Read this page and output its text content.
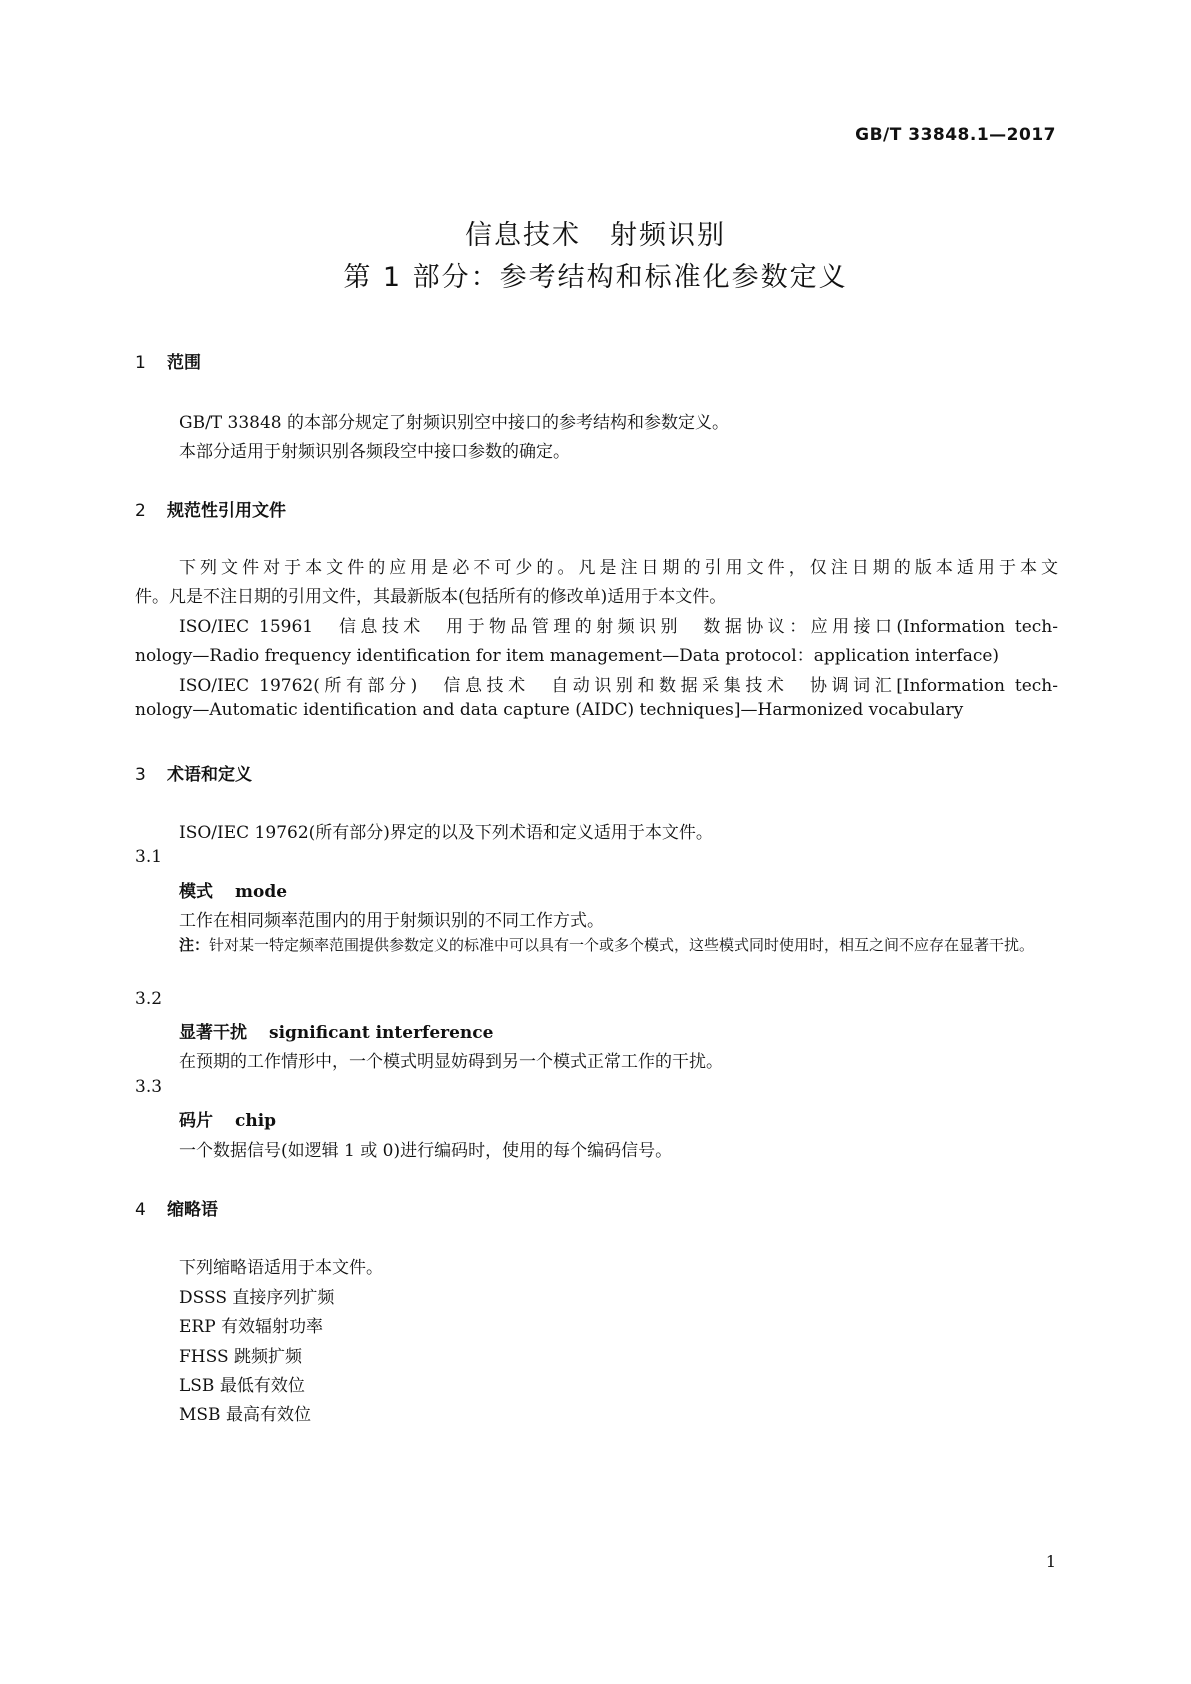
GB/T 33848.1—2017
信息技术　射频识别
第 1 部分：参考结构和标准化参数定义
1 范围
GB/T 33848 的本部分规定了射频识别空中接口的参考结构和参数定义。
本部分适用于射频识别各频段空中接口参数的确定。
2 规范性引用文件
下列文件对于本文件的应用是必不可少的。凡是注日期的引用文件，仅注日期的版本适用于本文
件。凡是不注日期的引用文件，其最新版本(包括所有的修改单)适用于本文件。
ISO/IEC 15961　信息技术　用于物品管理的射频识别　数据协议：应用接口(Information tech-
nology—Radio frequency identification for item management—Data protocol：application interface)
ISO/IEC 19762(所有部分)　信息技术　自动识别和数据采集技术　协调词汇[Information tech-
nology—Automatic identification and data capture (AIDC) techniques]—Harmonized vocabulary
3 术语和定义
ISO/IEC 19762(所有部分)界定的以及下列术语和定义适用于本文件。
3.1
模式 mode
工作在相同频率范围内的用于射频识别的不同工作方式。
注：针对某一特定频率范围提供参数定义的标准中可以具有一个或多个模式，这些模式同时使用时，相互之间不应存在显著干扰。
3.2
显著干扰 significant interference
在预期的工作情形中，一个模式明显妨碍到另一个模式正常工作的干扰。
3.3
码片 chip
一个数据信号(如逻辑 1 或 0)进行编码时，使用的每个编码信号。
4 缩略语
下列缩略语适用于本文件。
DSSS 直接序列扩频
ERP 有效辐射功率
FHSS 跳频扩频
LSB 最低有效位
MSB 最高有效位
1
